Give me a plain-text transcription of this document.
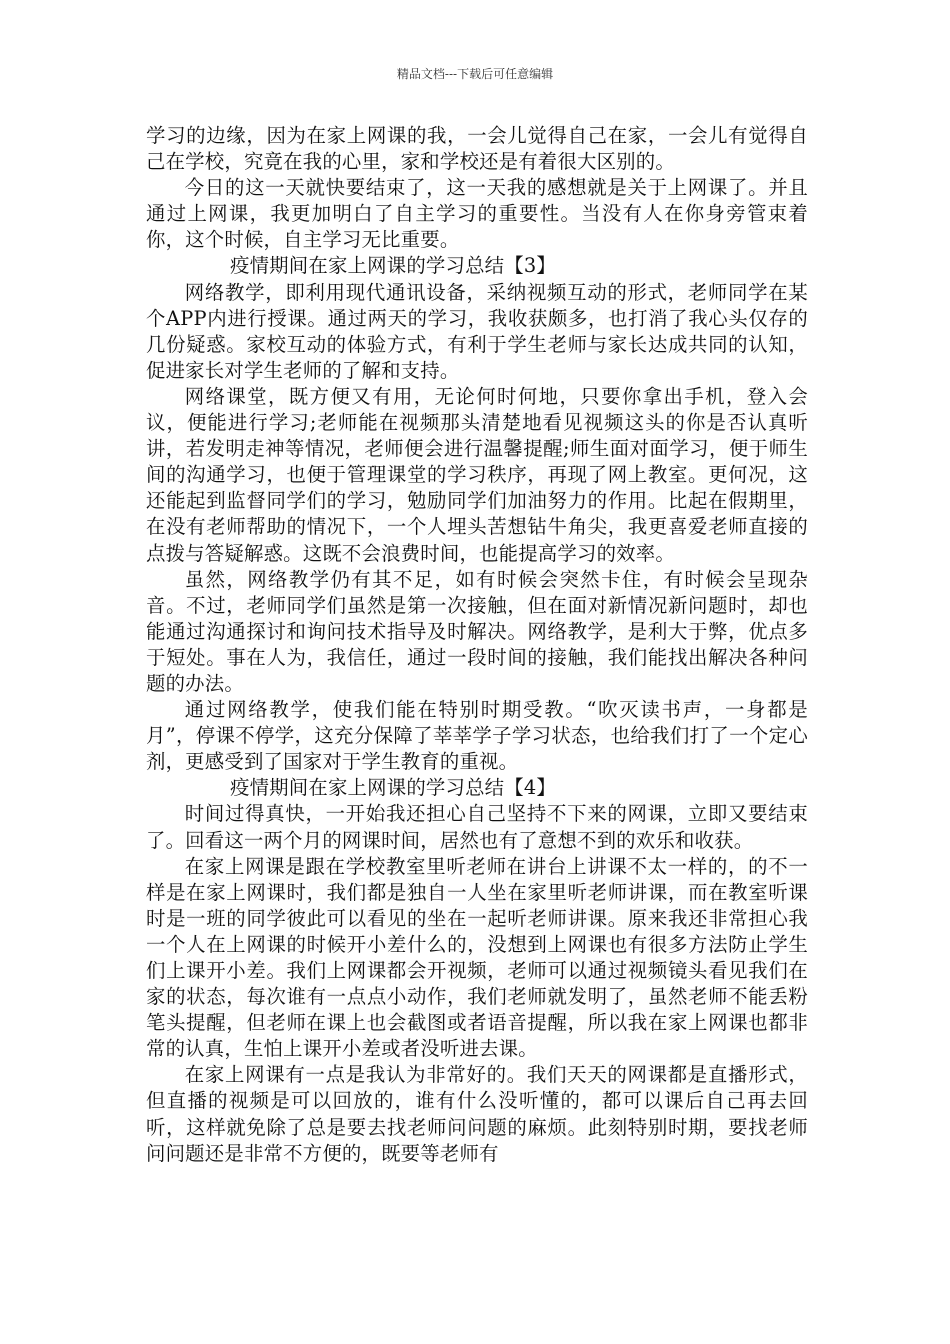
精品文档---下载后可任意编辑

学习的边缘，因为在家上网课的我，一会儿觉得自己在家，一会儿有觉得自己在学校，究竟在我的心里，家和学校还是有着很大区别的。

今日的这一天就快要结束了，这一天我的感想就是关于上网课了。并且通过上网课，我更加明白了自主学习的重要性。当没有人在你身旁管束着你，这个时候，自主学习无比重要。

疫情期间在家上网课的学习总结【3】

网络教学，即利用现代通讯设备，采纳视频互动的形式，老师同学在某个APP内进行授课。通过两天的学习，我收获颇多，也打消了我心头仅存的几份疑惑。家校互动的体验方式，有利于学生老师与家长达成共同的认知，促进家长对学生老师的了解和支持。

网络课堂，既方便又有用，无论何时何地，只要你拿出手机，登入会议，便能进行学习;老师能在视频那头清楚地看见视频这头的你是否认真听讲，若发明走神等情况，老师便会进行温馨提醒;师生面对面学习，便于师生间的沟通学习，也便于管理课堂的学习秩序，再现了网上教室。更何况，这还能起到监督同学们的学习，勉励同学们加油努力的作用。比起在假期里，在没有老师帮助的情况下，一个人埋头苦想钻牛角尖，我更喜爱老师直接的点拨与答疑解惑。这既不会浪费时间，也能提高学习的效率。

虽然，网络教学仍有其不足，如有时候会突然卡住，有时候会呈现杂音。不过，老师同学们虽然是第一次接触，但在面对新情况新问题时，却也能通过沟通探讨和询问技术指导及时解决。网络教学，是利大于弊，优点多于短处。事在人为，我信任，通过一段时间的接触，我们能找出解决各种问题的办法。

通过网络教学，使我们能在特别时期受教。“吹灭读书声，一身都是月”，停课不停学，这充分保障了莘莘学子学习状态，也给我们打了一个定心剂，更感受到了国家对于学生教育的重视。

疫情期间在家上网课的学习总结【4】

时间过得真快，一开始我还担心自己坚持不下来的网课，立即又要结束了。回看这一两个月的网课时间，居然也有了意想不到的欢乐和收获。

在家上网课是跟在学校教室里听老师在讲台上讲课不太一样的，的不一样是在家上网课时，我们都是独自一人坐在家里听老师讲课，而在教室听课时是一班的同学彼此可以看见的坐在一起听老师讲课。原来我还非常担心我一个人在上网课的时候开小差什么的，没想到上网课也有很多方法防止学生们上课开小差。我们上网课都会开视频，老师可以通过视频镜头看见我们在家的状态，每次谁有一点点小动作，我们老师就发明了，虽然老师不能丢粉笔头提醒，但老师在课上也会截图或者语音提醒，所以我在家上网课也都非常的认真，生怕上课开小差或者没听进去课。

在家上网课有一点是我认为非常好的。我们天天的网课都是直播形式，但直播的视频是可以回放的，谁有什么没听懂的，都可以课后自己再去回听，这样就免除了总是要去找老师问问题的麻烦。此刻特别时期，要找老师问问题还是非常不方便的，既要等老师有
